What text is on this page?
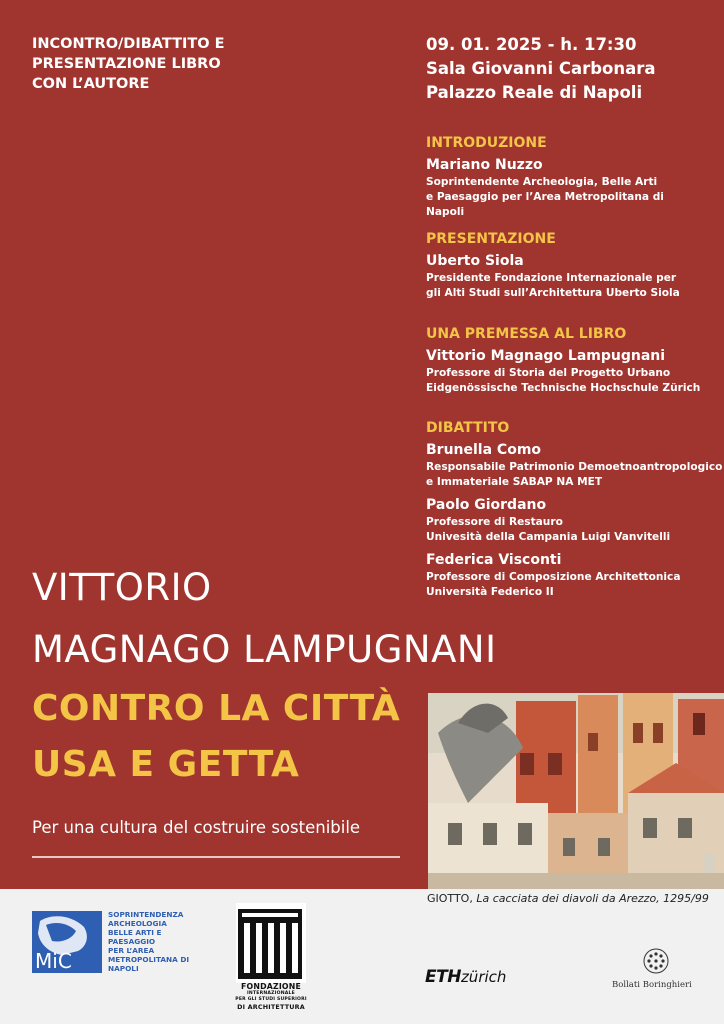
INCONTRO/DIBATTITO E
PRESENTAZIONE LIBRO
CON L’AUTORE
09. 01. 2025 - h. 17:30
Sala Giovanni Carbonara
Palazzo Reale di Napoli
INTRODUZIONE
Mariano Nuzzo
Soprintendente Archeologia, Belle Arti
e Paesaggio per l’Area Metropolitana di
Napoli
PRESENTAZIONE
Uberto Siola
Presidente Fondazione Internazionale per
gli Alti Studi sull’Architettura Uberto Siola
UNA PREMESSA AL LIBRO
Vittorio Magnago Lampugnani
Professore di Storia del Progetto Urbano
Eidgenössische Technische Hochschule Zürich
DIBATTITO
Brunella Como
Responsabile Patrimonio Demoetnoantropologico
e Immateriale SABAP NA MET
Paolo Giordano
Professore di Restauro
Univesità della Campania Luigi Vanvitelli
Federica Visconti
Professore di Composizione Architettonica
Università Federico II
VITTORIO
MAGNAGO LAMPUGNANI
CONTRO LA CITTÀ
USA E GETTA
Per una cultura del costruire sostenibile
GIOTTO, La cacciata dei diavoli da Arezzo, 1295/99
MiC
SOPRINTENDENZA
ARCHEOLOGIA
BELLE ARTI E
PAESAGGIO
PER L’AREA
METROPOLITANA DI
NAPOLI
FONDAZIONE
INTERNAZIONALE
PER GLI STUDI SUPERIORI
DI ARCHITETTURA
ETHzürich	Bollati Boringhieri
